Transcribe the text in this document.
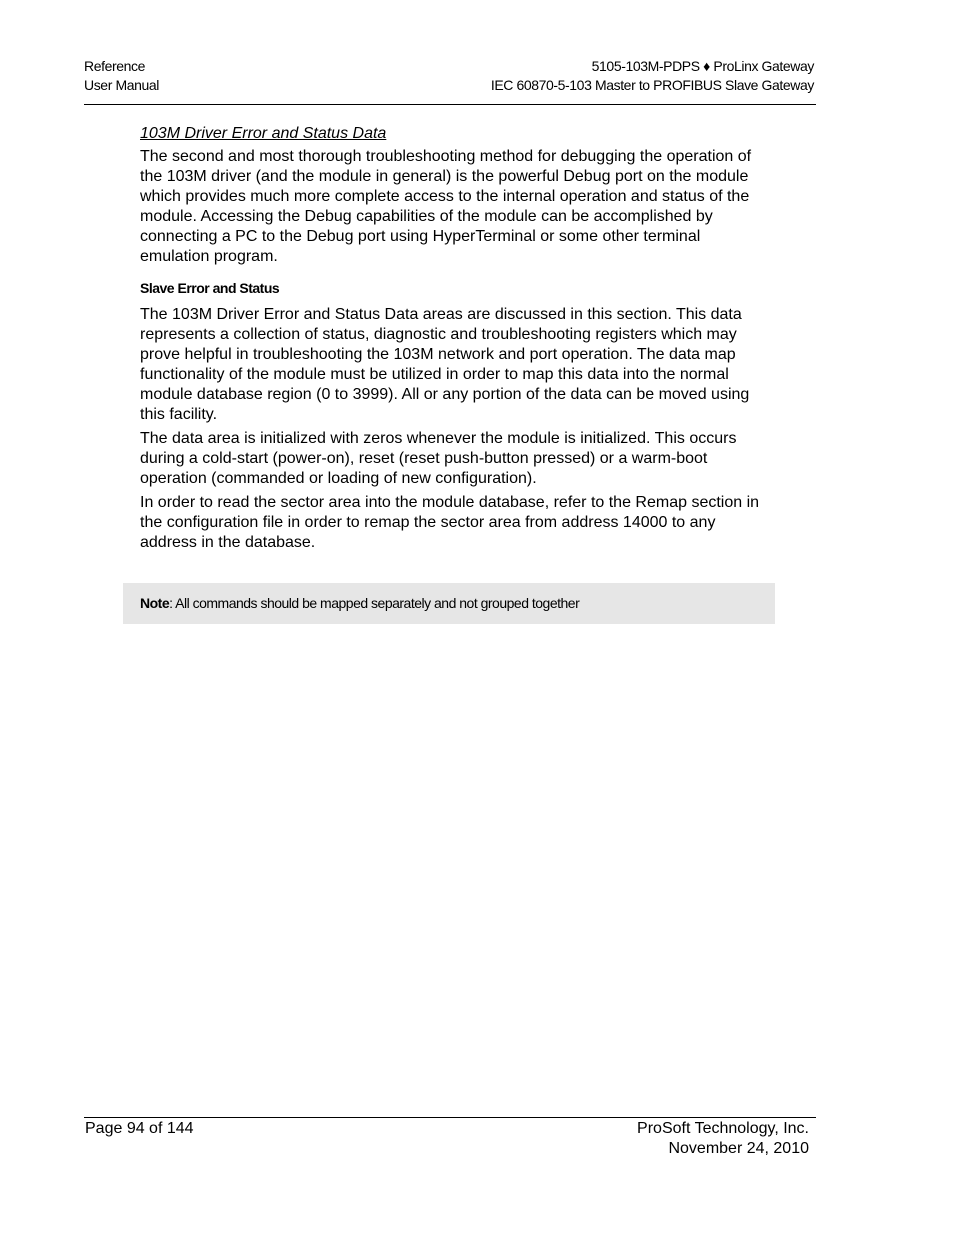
Reference
User Manual
5105-103M-PDPS ♦ ProLinx Gateway
IEC 60870-5-103 Master to PROFIBUS Slave Gateway
103M Driver Error and Status Data

The second and most thorough troubleshooting method for debugging the operation of the 103M driver (and the module in general) is the powerful Debug port on the module which provides much more complete access to the internal operation and status of the module. Accessing the Debug capabilities of the module can be accomplished by connecting a PC to the Debug port using HyperTerminal or some other terminal emulation program.

Slave Error and Status

The 103M Driver Error and Status Data areas are discussed in this section. This data represents a collection of status, diagnostic and troubleshooting registers which may prove helpful in troubleshooting the 103M network and port operation. The data map functionality of the module must be utilized in order to map this data into the normal module database region (0 to 3999). All or any portion of the data can be moved using this facility.

The data area is initialized with zeros whenever the module is initialized. This occurs during a cold-start (power-on), reset (reset push-button pressed) or a warm-boot operation (commanded or loading of new configuration).

In order to read the sector area into the module database, refer to the Remap section in the configuration file in order to remap the sector area from address 14000 to any address in the database.

Note: All commands should be mapped separately and not grouped together
Page 94 of 144	ProSoft Technology, Inc.
November 24, 2010
